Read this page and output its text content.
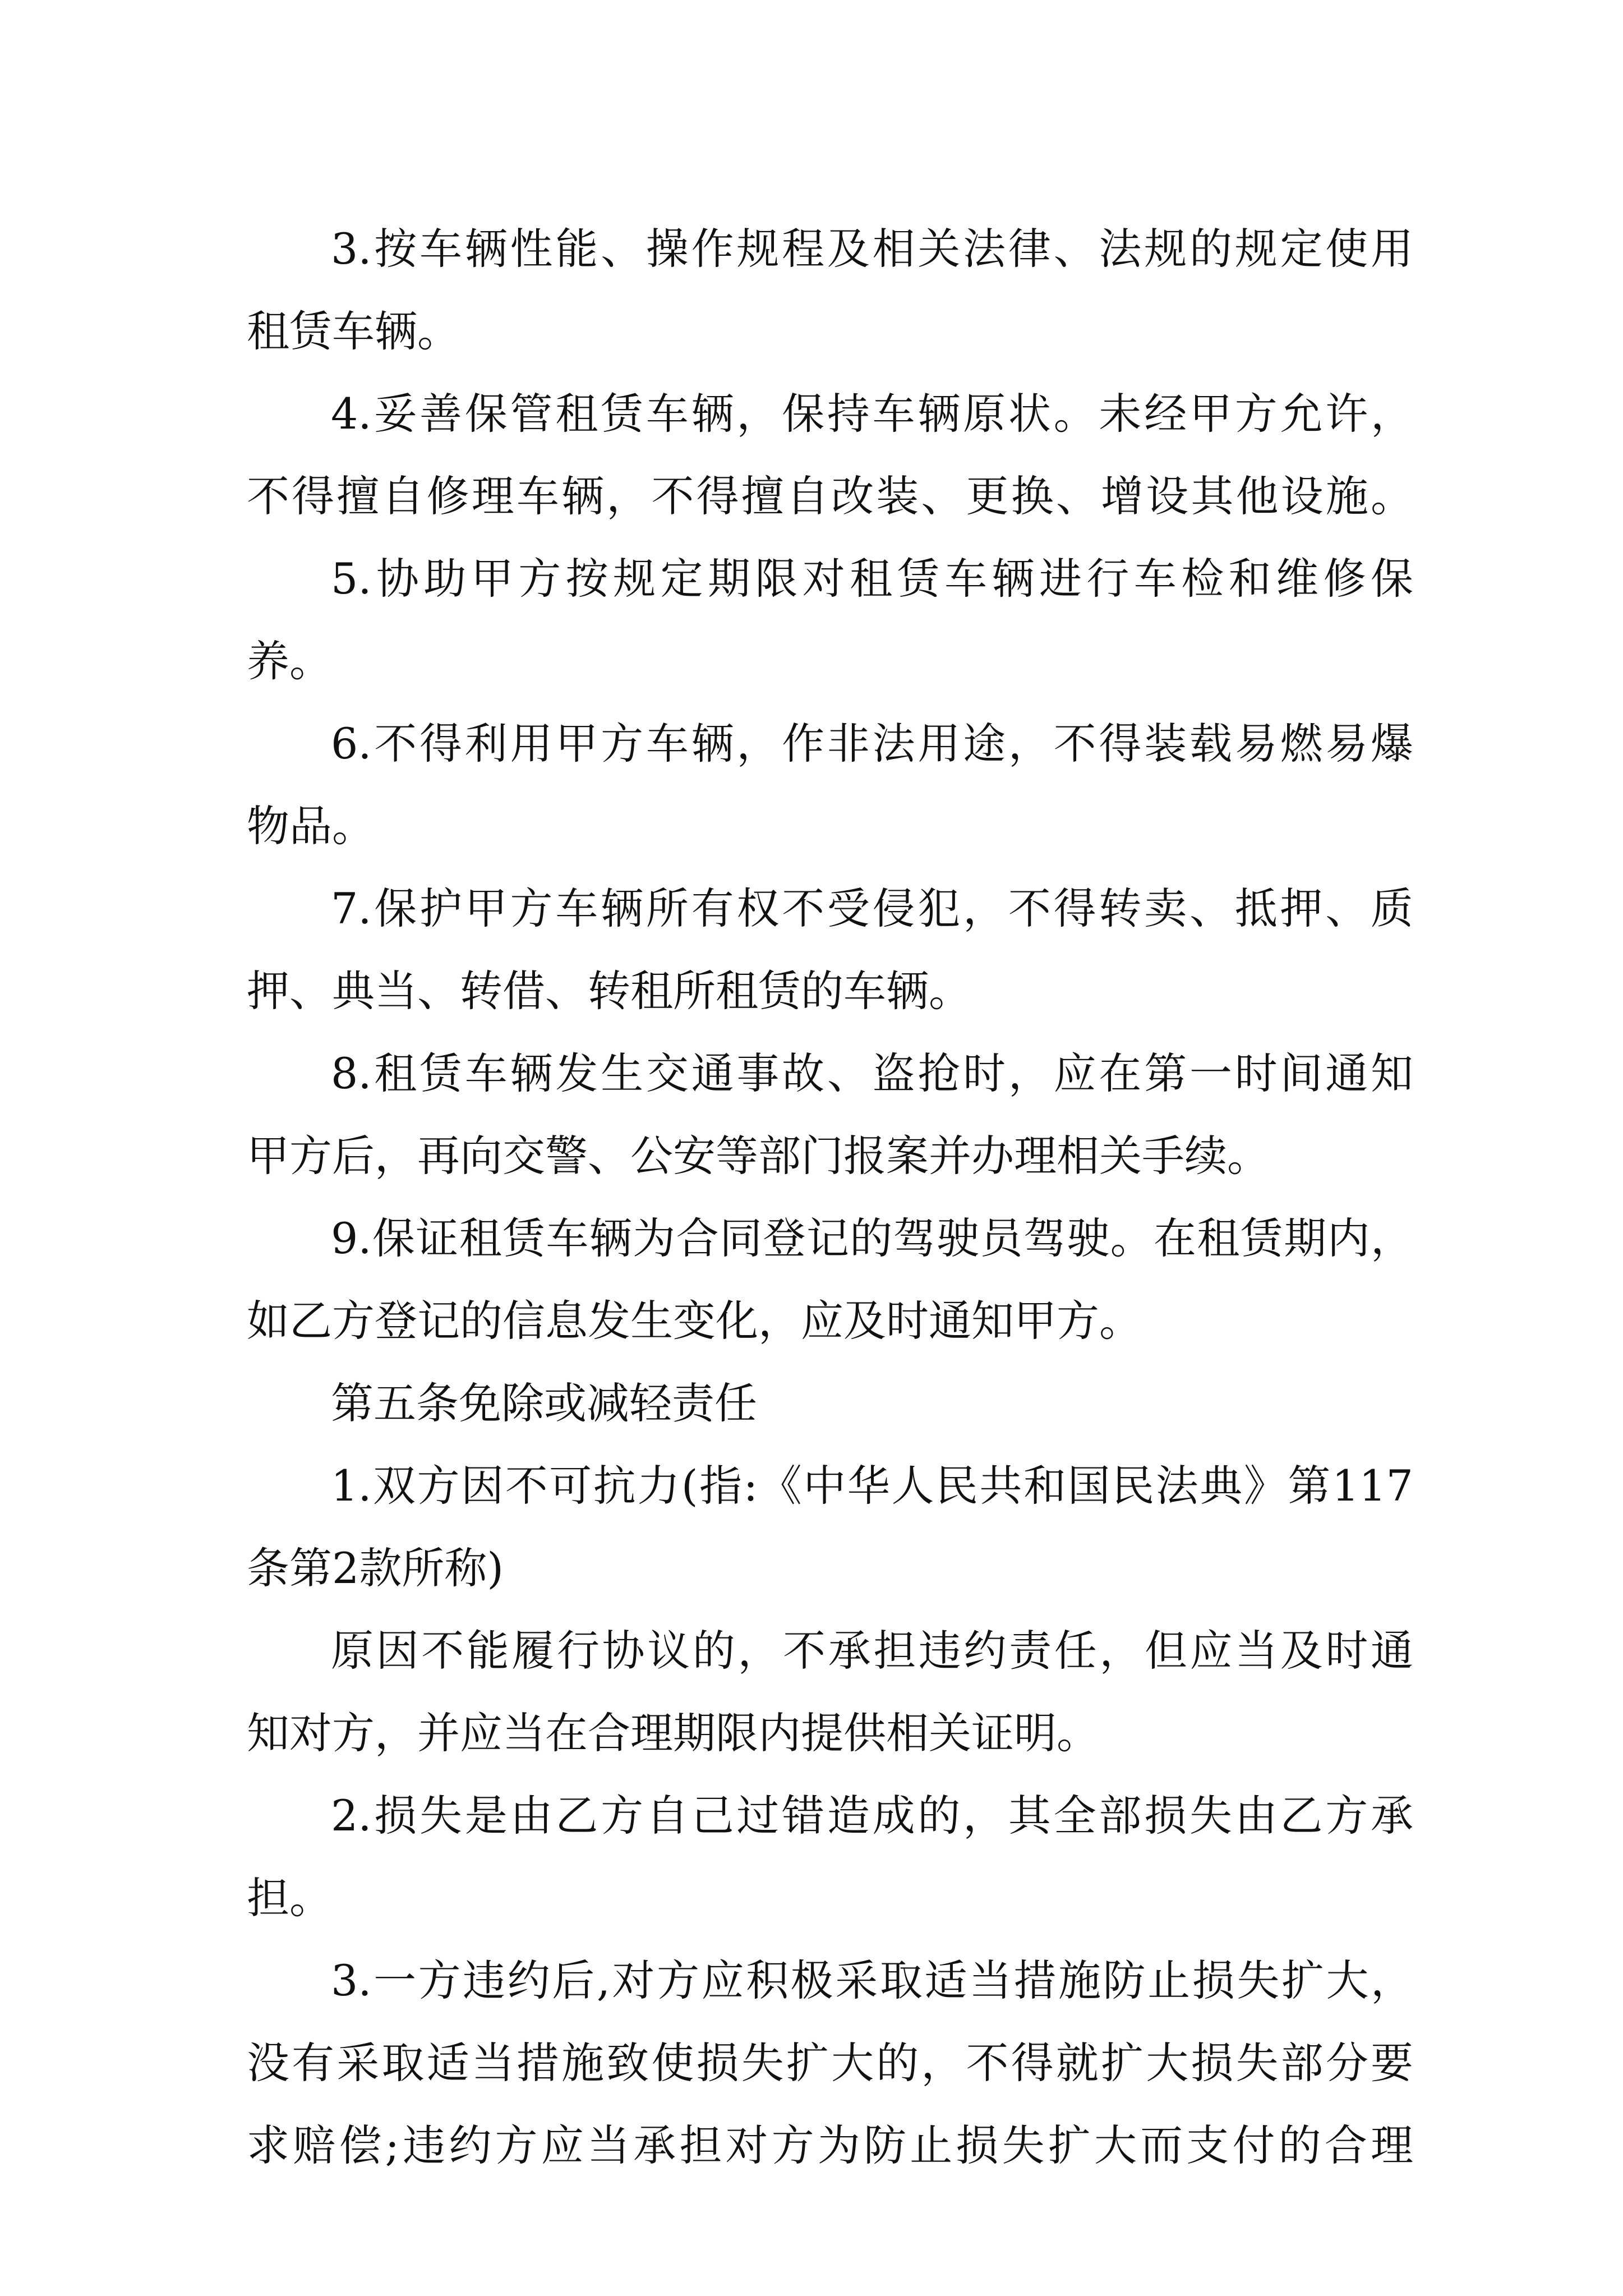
3.按车辆性能、操作规程及相关法律、法规的规定使用
租赁车辆。
4.妥善保管租赁车辆，保持车辆原状。未经甲方允许，
不得擅自修理车辆，不得擅自改装、更换、增设其他设施。
5.协助甲方按规定期限对租赁车辆进行车检和维修保
养。
6.不得利用甲方车辆，作非法用途，不得装载易燃易爆
物品。
7.保护甲方车辆所有权不受侵犯，不得转卖、抵押、质
押、典当、转借、转租所租赁的车辆。
8.租赁车辆发生交通事故、盗抢时，应在第一时间通知
甲方后，再向交警、公安等部门报案并办理相关手续。
9.保证租赁车辆为合同登记的驾驶员驾驶。在租赁期内，
如乙方登记的信息发生变化，应及时通知甲方。
第五条免除或减轻责任
1.双方因不可抗力(指:《中华人民共和国民法典》第117
条第2款所称)
原因不能履行协议的，不承担违约责任，但应当及时通
知对方，并应当在合理期限内提供相关证明。
2.损失是由乙方自己过错造成的，其全部损失由乙方承
担。
3.一方违约后,对方应积极采取适当措施防止损失扩大，
没有采取适当措施致使损失扩大的，不得就扩大损失部分要
求赔偿;违约方应当承担对方为防止损失扩大而支付的合理
